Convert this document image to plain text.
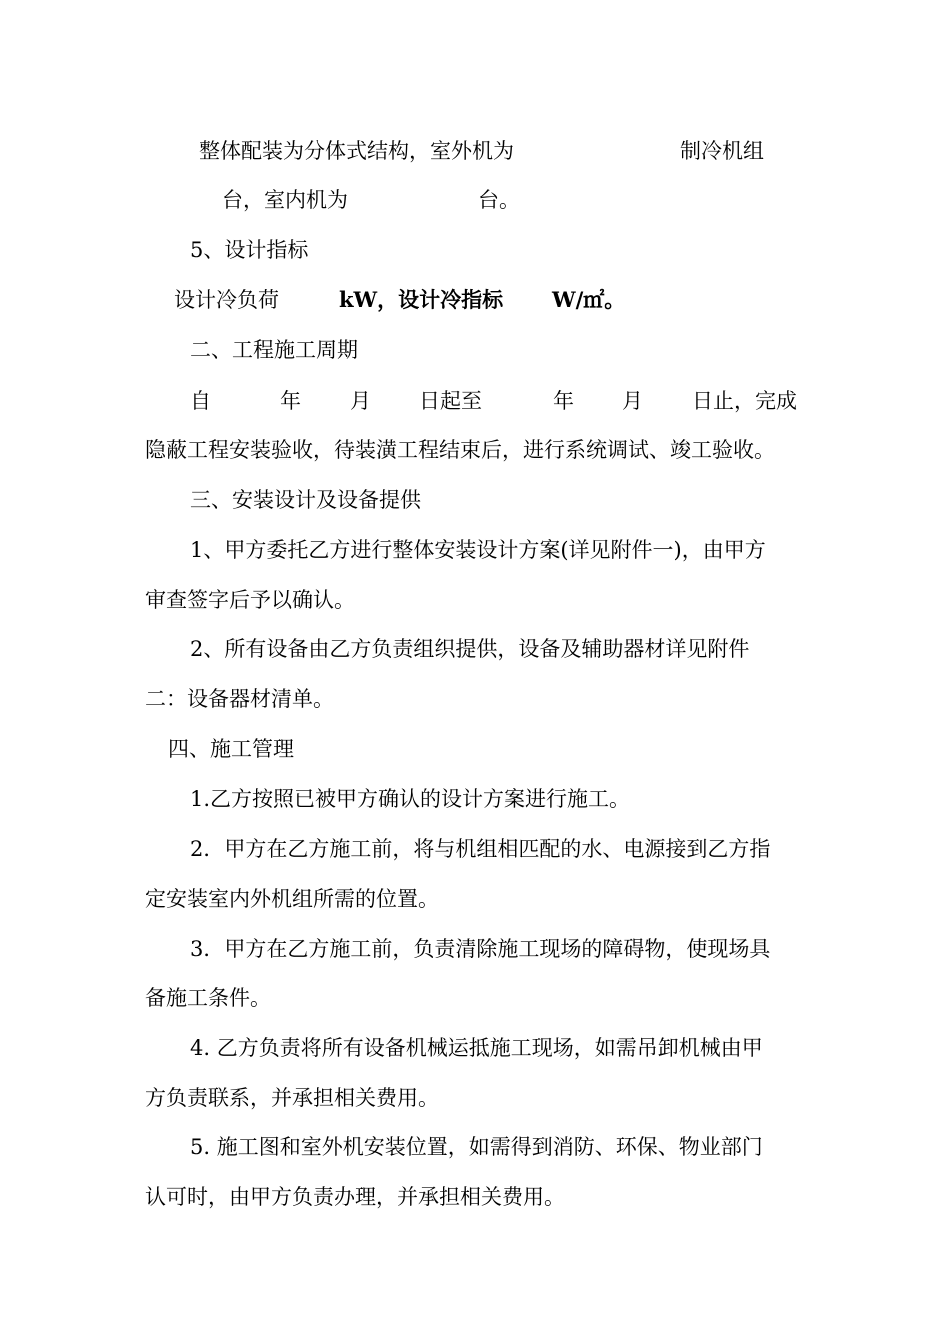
整体配装为分体式结构，室外机为	制冷机组
台，室内机为	台。
5、设计指标
设计冷负荷	kW，设计冷指标 W/㎡。
二、工程施工周期
自	年 月 日起至	年 月 日止，完成
隐蔽工程安装验收，待装潢工程结束后，进行系统调试、竣工验收。
三、安装设计及设备提供
1、甲方委托乙方进行整体安装设计方案(详见附件一)，由甲方
审查签字后予以确认。
2、所有设备由乙方负责组织提供，设备及辅助器材详见附件
二：设备器材清单。
四、施工管理
1.乙方按照已被甲方确认的设计方案进行施工。
2．甲方在乙方施工前，将与机组相匹配的水、电源接到乙方指
定安装室内外机组所需的位置。
3．甲方在乙方施工前，负责清除施工现场的障碍物，使现场具
备施工条件。
4. 乙方负责将所有设备机械运抵施工现场，如需吊卸机械由甲
方负责联系，并承担相关费用。
5. 施工图和室外机安装位置，如需得到消防、环保、物业部门
认可时，由甲方负责办理，并承担相关费用。
